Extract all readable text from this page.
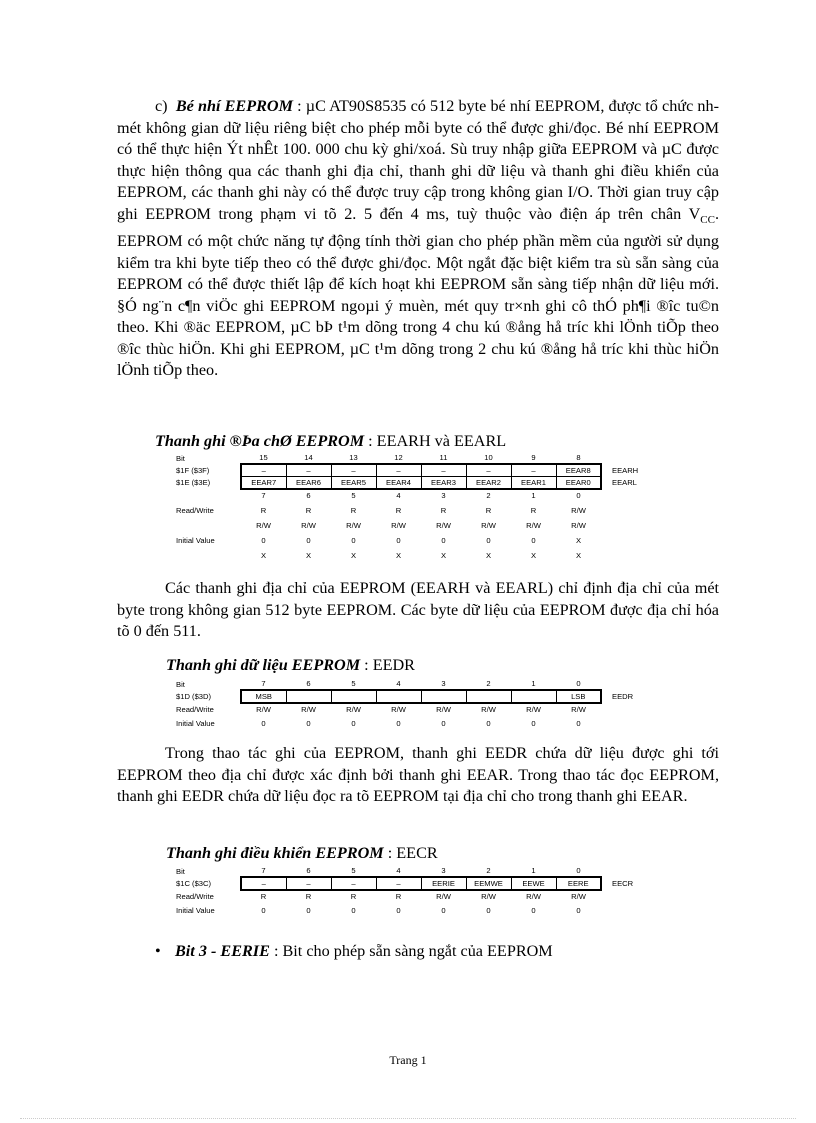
c) Bé nhí EEPROM : µC AT90S8535 có 512 byte bé nhí EEPROM, được tổ chức nh mét không gian dữ liệu riêng biệt cho phép mỗi byte có thể được ghi/đọc. Bé nhí EEPROM có thể thực hiện Ýt nhÊt 100. 000 chu kỳ ghi/xoá. Sù truy nhập giữa EEPROM và µC được thực hiện thông qua các thanh ghi địa chỉ, thanh ghi dữ liệu và thanh ghi điều khiển của EEPROM, các thanh ghi này có thể được truy cập trong không gian I/O. Thời gian truy cập ghi EEPROM trong phạm vi tõ 2. 5 đến 4 ms, tuỳ thuộc vào điện áp trên chân $V_{CC}$. EEPROM có một chức năng tự động tính thời gian cho phép phần mềm của người sử dụng kiểm tra khi byte tiếp theo có thể được ghi/đọc. Một ngắt đặc biệt kiểm tra sù sẵn sàng của EEPROM có thể được thiết lập để kích hoạt khi EEPROM sẵn sàng tiếp nhận dữ liệu mới. §Ó ng¨n c¶n viÖc ghi EEPROM ngoµi ý muèn, mét quy tr×nh ghi cô thÓ ph¶i ®îc tu©n theo. Khi ®äc EEPROM, µC bÞ t¹m dõng trong 4 chu kú ®ång hå tríc khi lÖnh tiÕp theo ®îc thùc hiÖn. Khi ghi EEPROM, µC t¹m dõng trong 2 chu kú ®ång hå tríc khi thùc hiÖn lÖnh tiÕp theo.

Thanh ghi ®Þa chØ EEPROM : EEARH và EEARL

Bit	15	14	13	12	11	10	9	8	
$1F ($3F)	–	–	–	–	–	–	–	EEAR8	EEARH
$1E ($3E)	EEAR7	EEAR6	EEAR5	EEAR4	EEAR3	EEAR2	EEAR1	EEAR0	EEARL
	7	6	5	4	3	2	1	0	

Read/Write	R	R	R	R	R	R	R	R/W	

	R/W	R/W	R/W	R/W	R/W	R/W	R/W	R/W	

Initial Value	0	0	0	0	0	0	0	X	

	X	X	X	X	X	X	X	X	

Các thanh ghi địa chỉ của EEPROM (EEARH và EEARL) chỉ định địa chỉ của mét byte trong không gian 512 byte EEPROM. Các byte dữ liệu của EEPROM được địa chỉ hóa tõ 0 đến 511.

Thanh ghi dữ liệu EEPROM : EEDR

Bit	7	6	5	4	3	2	1	0	
$1D ($3D)	MSB							LSB	EEDR
Read/Write	R/W	R/W	R/W	R/W	R/W	R/W	R/W	R/W	

Initial Value	0	0	0	0	0	0	0	0	

Trong thao tác ghi của EEPROM, thanh ghi EEDR chứa dữ liệu được ghi tới EEPROM theo địa chỉ được xác định bởi thanh ghi EEAR. Trong thao tác đọc EEPROM, thanh ghi EEDR chứa dữ liệu đọc ra tõ EEPROM tại địa chỉ cho trong thanh ghi EEAR.

Thanh ghi điều khiển EEPROM : EECR

Bit	7	6	5	4	3	2	1	0	
$1C ($3C)	–	–	–	–	EERIE	EEMWE	EEWE	EERE	EECR
Read/Write	R	R	R	R	R/W	R/W	R/W	R/W	

Initial Value	0	0	0	0	0	0	0	0	

• Bit 3 - EERIE : Bit cho phép sẵn sàng ngắt của EEPROM

Trang 1
